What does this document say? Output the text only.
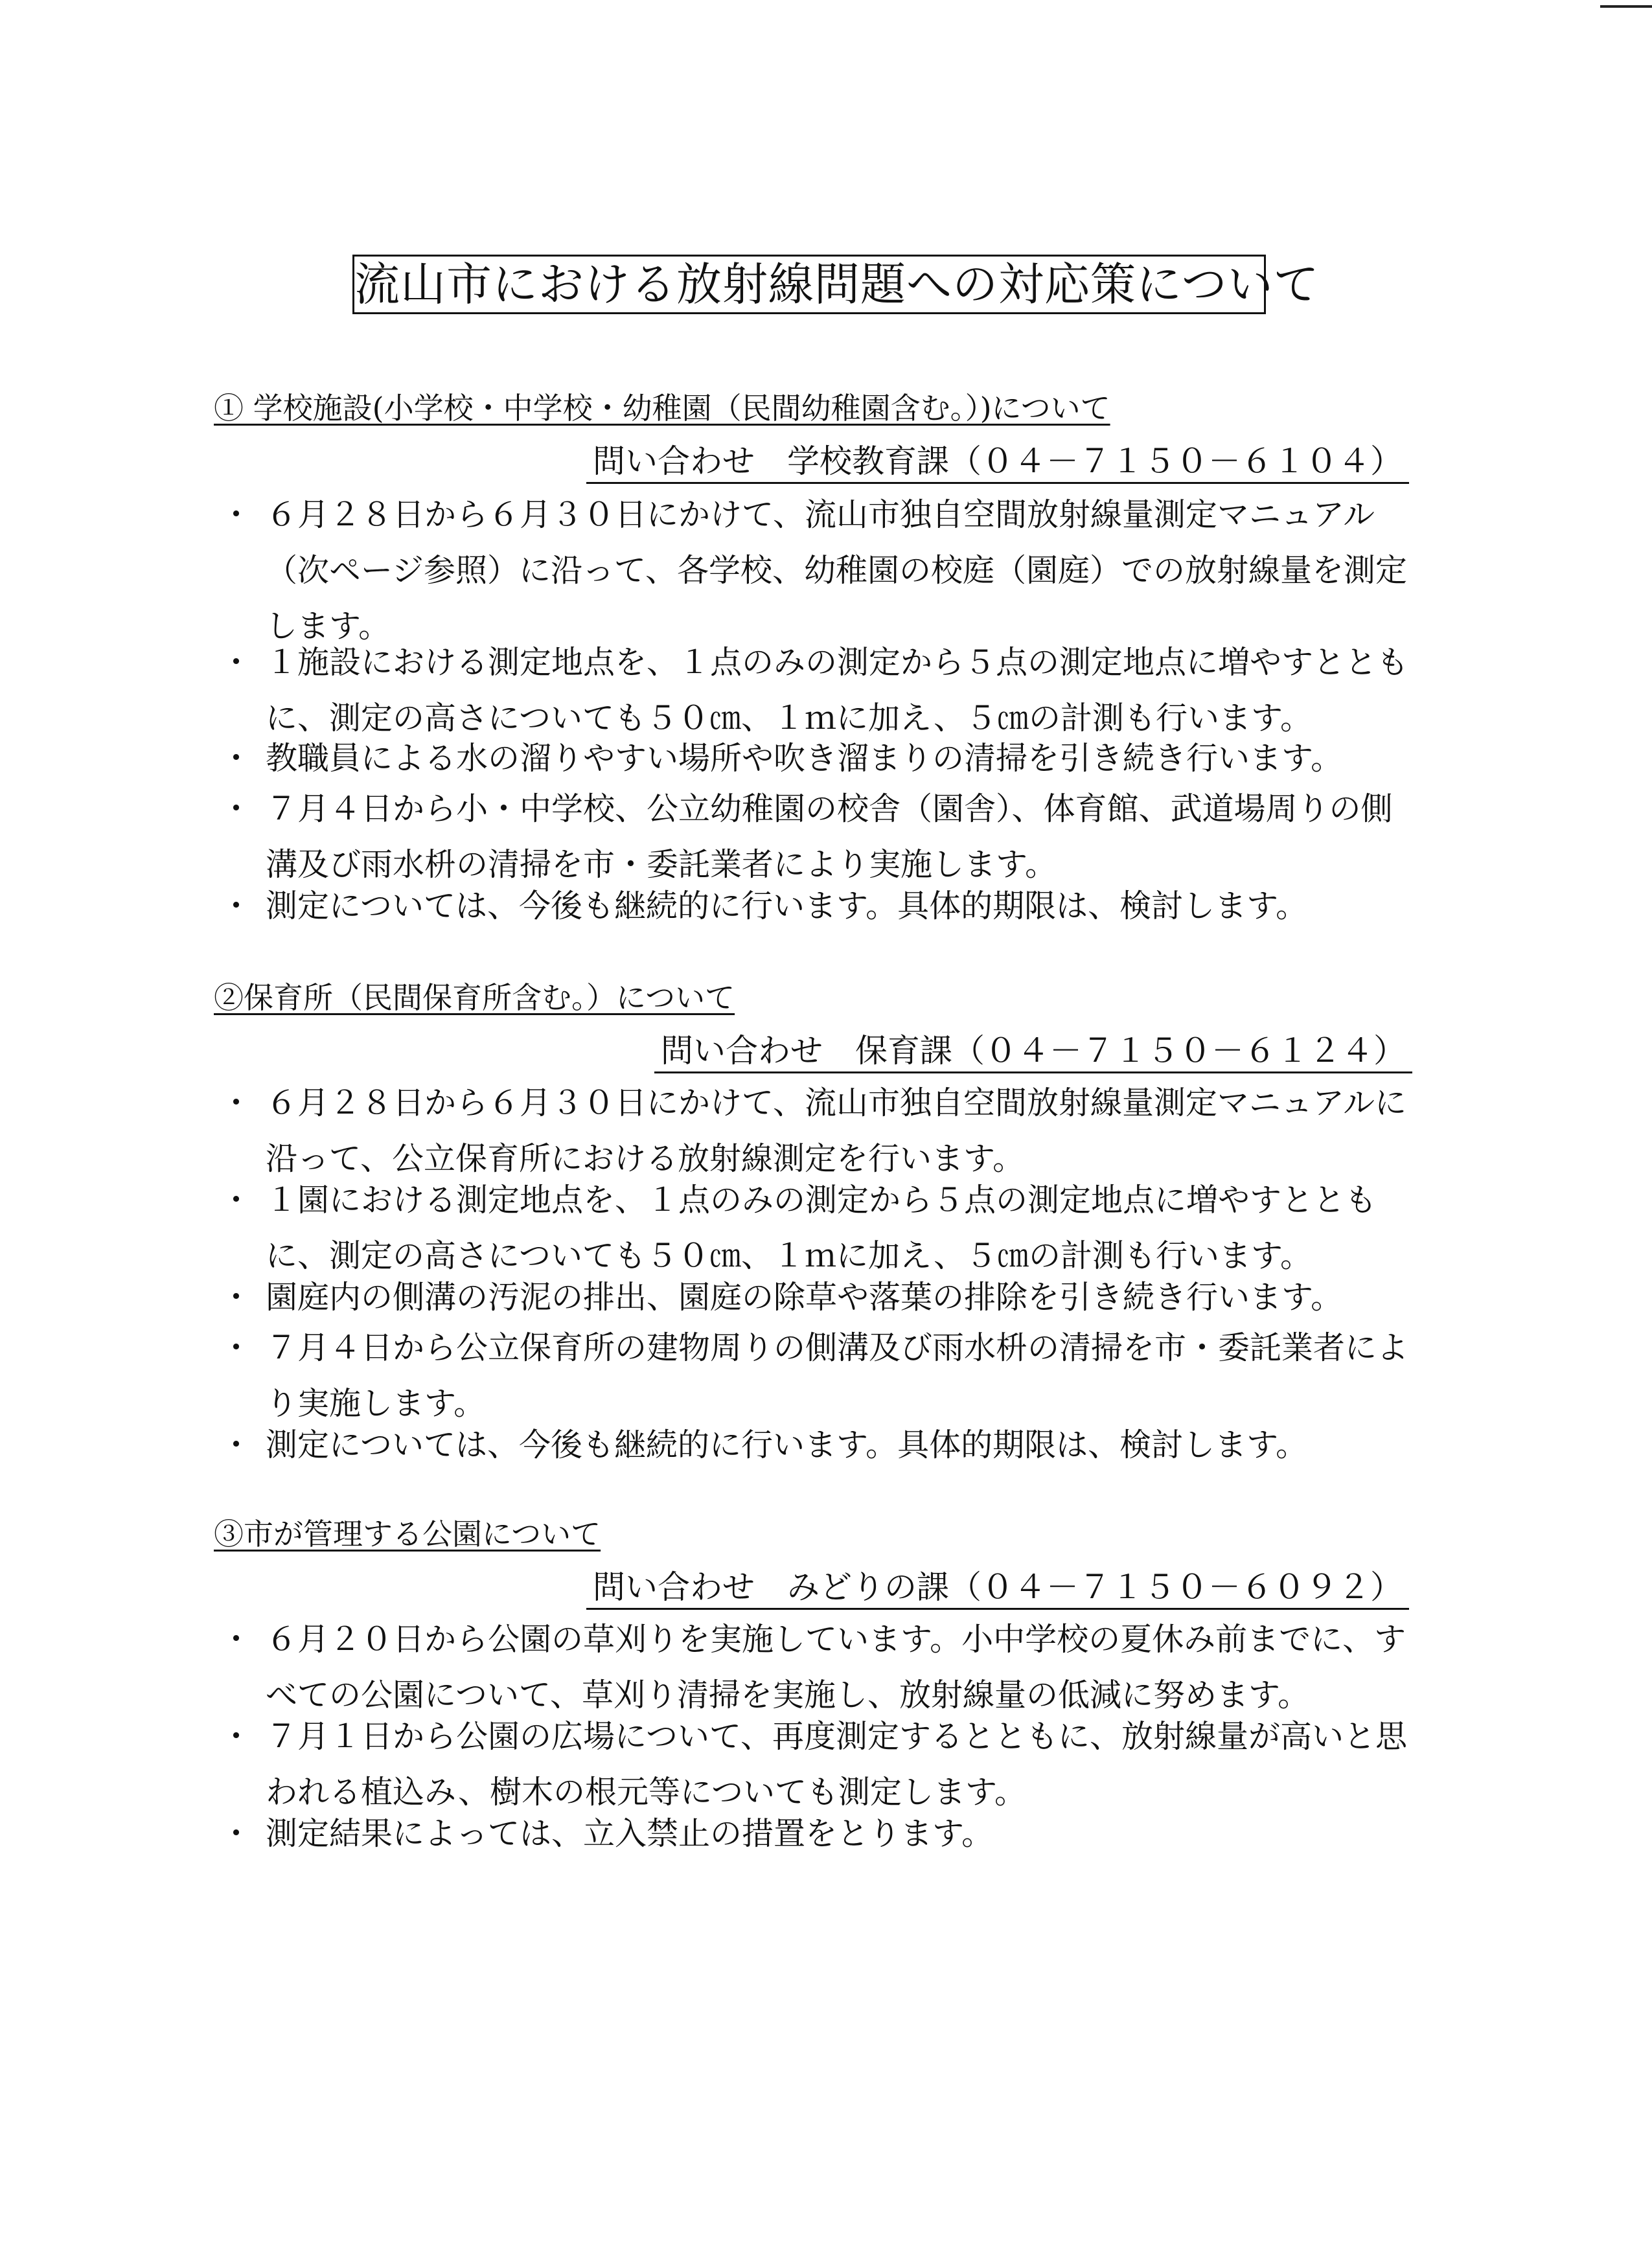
流山市における放射線問題への対応策について
① 学校施設(小学校・中学校・幼稚園（民間幼稚園含む。）)について
問い合わせ　学校教育課（０４－７１５０－６１０４）
・ ６月２８日から６月３０日にかけて、流山市独自空間放射線量測定マニュアル（次ページ参照）に沿って、各学校、幼稚園の校庭（園庭）での放射線量を測定します。
・ １施設における測定地点を、１点のみの測定から５点の測定地点に増やすとともに、測定の高さについても５０㎝、１ｍに加え、５㎝の計測も行います。
・ 教職員による水の溜りやすい場所や吹き溜まりの清掃を引き続き行います。
・ ７月４日から小・中学校、公立幼稚園の校舎（園舎）、体育館、武道場周りの側溝及び雨水枡の清掃を市・委託業者により実施します。
・ 測定については、今後も継続的に行います。具体的期限は、検討します。
②保育所（民間保育所含む。）について
問い合わせ　保育課（０４－７１５０－６１２４）
・ ６月２８日から６月３０日にかけて、流山市独自空間放射線量測定マニュアルに沿って、公立保育所における放射線測定を行います。
・ １園における測定地点を、１点のみの測定から５点の測定地点に増やすとともに、測定の高さについても５０㎝、１ｍに加え、５㎝の計測も行います。
・ 園庭内の側溝の汚泥の排出、園庭の除草や落葉の排除を引き続き行います。
・ ７月４日から公立保育所の建物周りの側溝及び雨水枡の清掃を市・委託業者により実施します。
・ 測定については、今後も継続的に行います。具体的期限は、検討します。
③市が管理する公園について
問い合わせ　みどりの課（０４－７１５０－６０９２）
・ ６月２０日から公園の草刈りを実施しています。小中学校の夏休み前までに、すべての公園について、草刈り清掃を実施し、放射線量の低減に努めます。
・ ７月１日から公園の広場について、再度測定するとともに、放射線量が高いと思われる植込み、樹木の根元等についても測定します。
・ 測定結果によっては、立入禁止の措置をとります。
